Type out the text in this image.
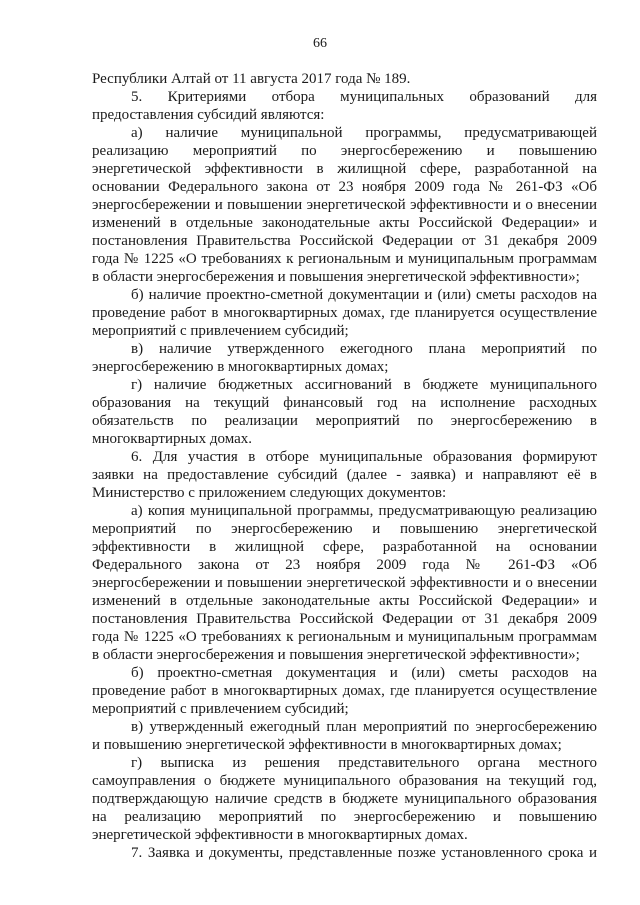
66
Республики Алтай от 11 августа 2017 года № 189.
5. Критериями отбора муниципальных образований для
предоставления субсидий являются:
а) наличие муниципальной программы, предусматривающей
реализацию мероприятий по энергосбережению и повышению
энергетической эффективности в жилищной сфере, разработанной на
основании Федерального закона от 23 ноября 2009 года № 261-ФЗ «Об
энергосбережении и повышении энергетической эффективности и о внесении
изменений в отдельные законодательные акты Российской Федерации» и
постановления Правительства Российской Федерации от 31 декабря 2009
года № 1225 «О требованиях к региональным и муниципальным программам
в области энергосбережения и повышения энергетической эффективности»;
б) наличие проектно-сметной документации и (или) сметы расходов на
проведение работ в многоквартирных домах, где планируется осуществление
мероприятий с привлечением субсидий;
в) наличие утвержденного ежегодного плана мероприятий по
энергосбережению в многоквартирных домах;
г) наличие бюджетных ассигнований в бюджете муниципального
образования на текущий финансовый год на исполнение расходных
обязательств по реализации мероприятий по энергосбережению в
многоквартирных домах.
6. Для участия в отборе муниципальные образования формируют
заявки на предоставление субсидий (далее - заявка) и направляют её в
Министерство с приложением следующих документов:
а) копия муниципальной программы, предусматривающую реализацию
мероприятий по энергосбережению и повышению энергетической
эффективности в жилищной сфере, разработанной на основании
Федерального закона от 23 ноября 2009 года № 261-ФЗ «Об
энергосбережении и повышении энергетической эффективности и о внесении
изменений в отдельные законодательные акты Российской Федерации» и
постановления Правительства Российской Федерации от 31 декабря 2009
года № 1225 «О требованиях к региональным и муниципальным программам
в области энергосбережения и повышения энергетической эффективности»;
б) проектно-сметная документация и (или) сметы расходов на
проведение работ в многоквартирных домах, где планируется осуществление
мероприятий с привлечением субсидий;
в) утвержденный ежегодный план мероприятий по энергосбережению
и повышению энергетической эффективности в многоквартирных домах;
г) выписка из решения представительного органа местного
самоуправления о бюджете муниципального образования на текущий год,
подтверждающую наличие средств в бюджете муниципального образования
на реализацию мероприятий по энергосбережению и повышению
энергетической эффективности в многоквартирных домах.
7. Заявка и документы, представленные позже установленного срока и
